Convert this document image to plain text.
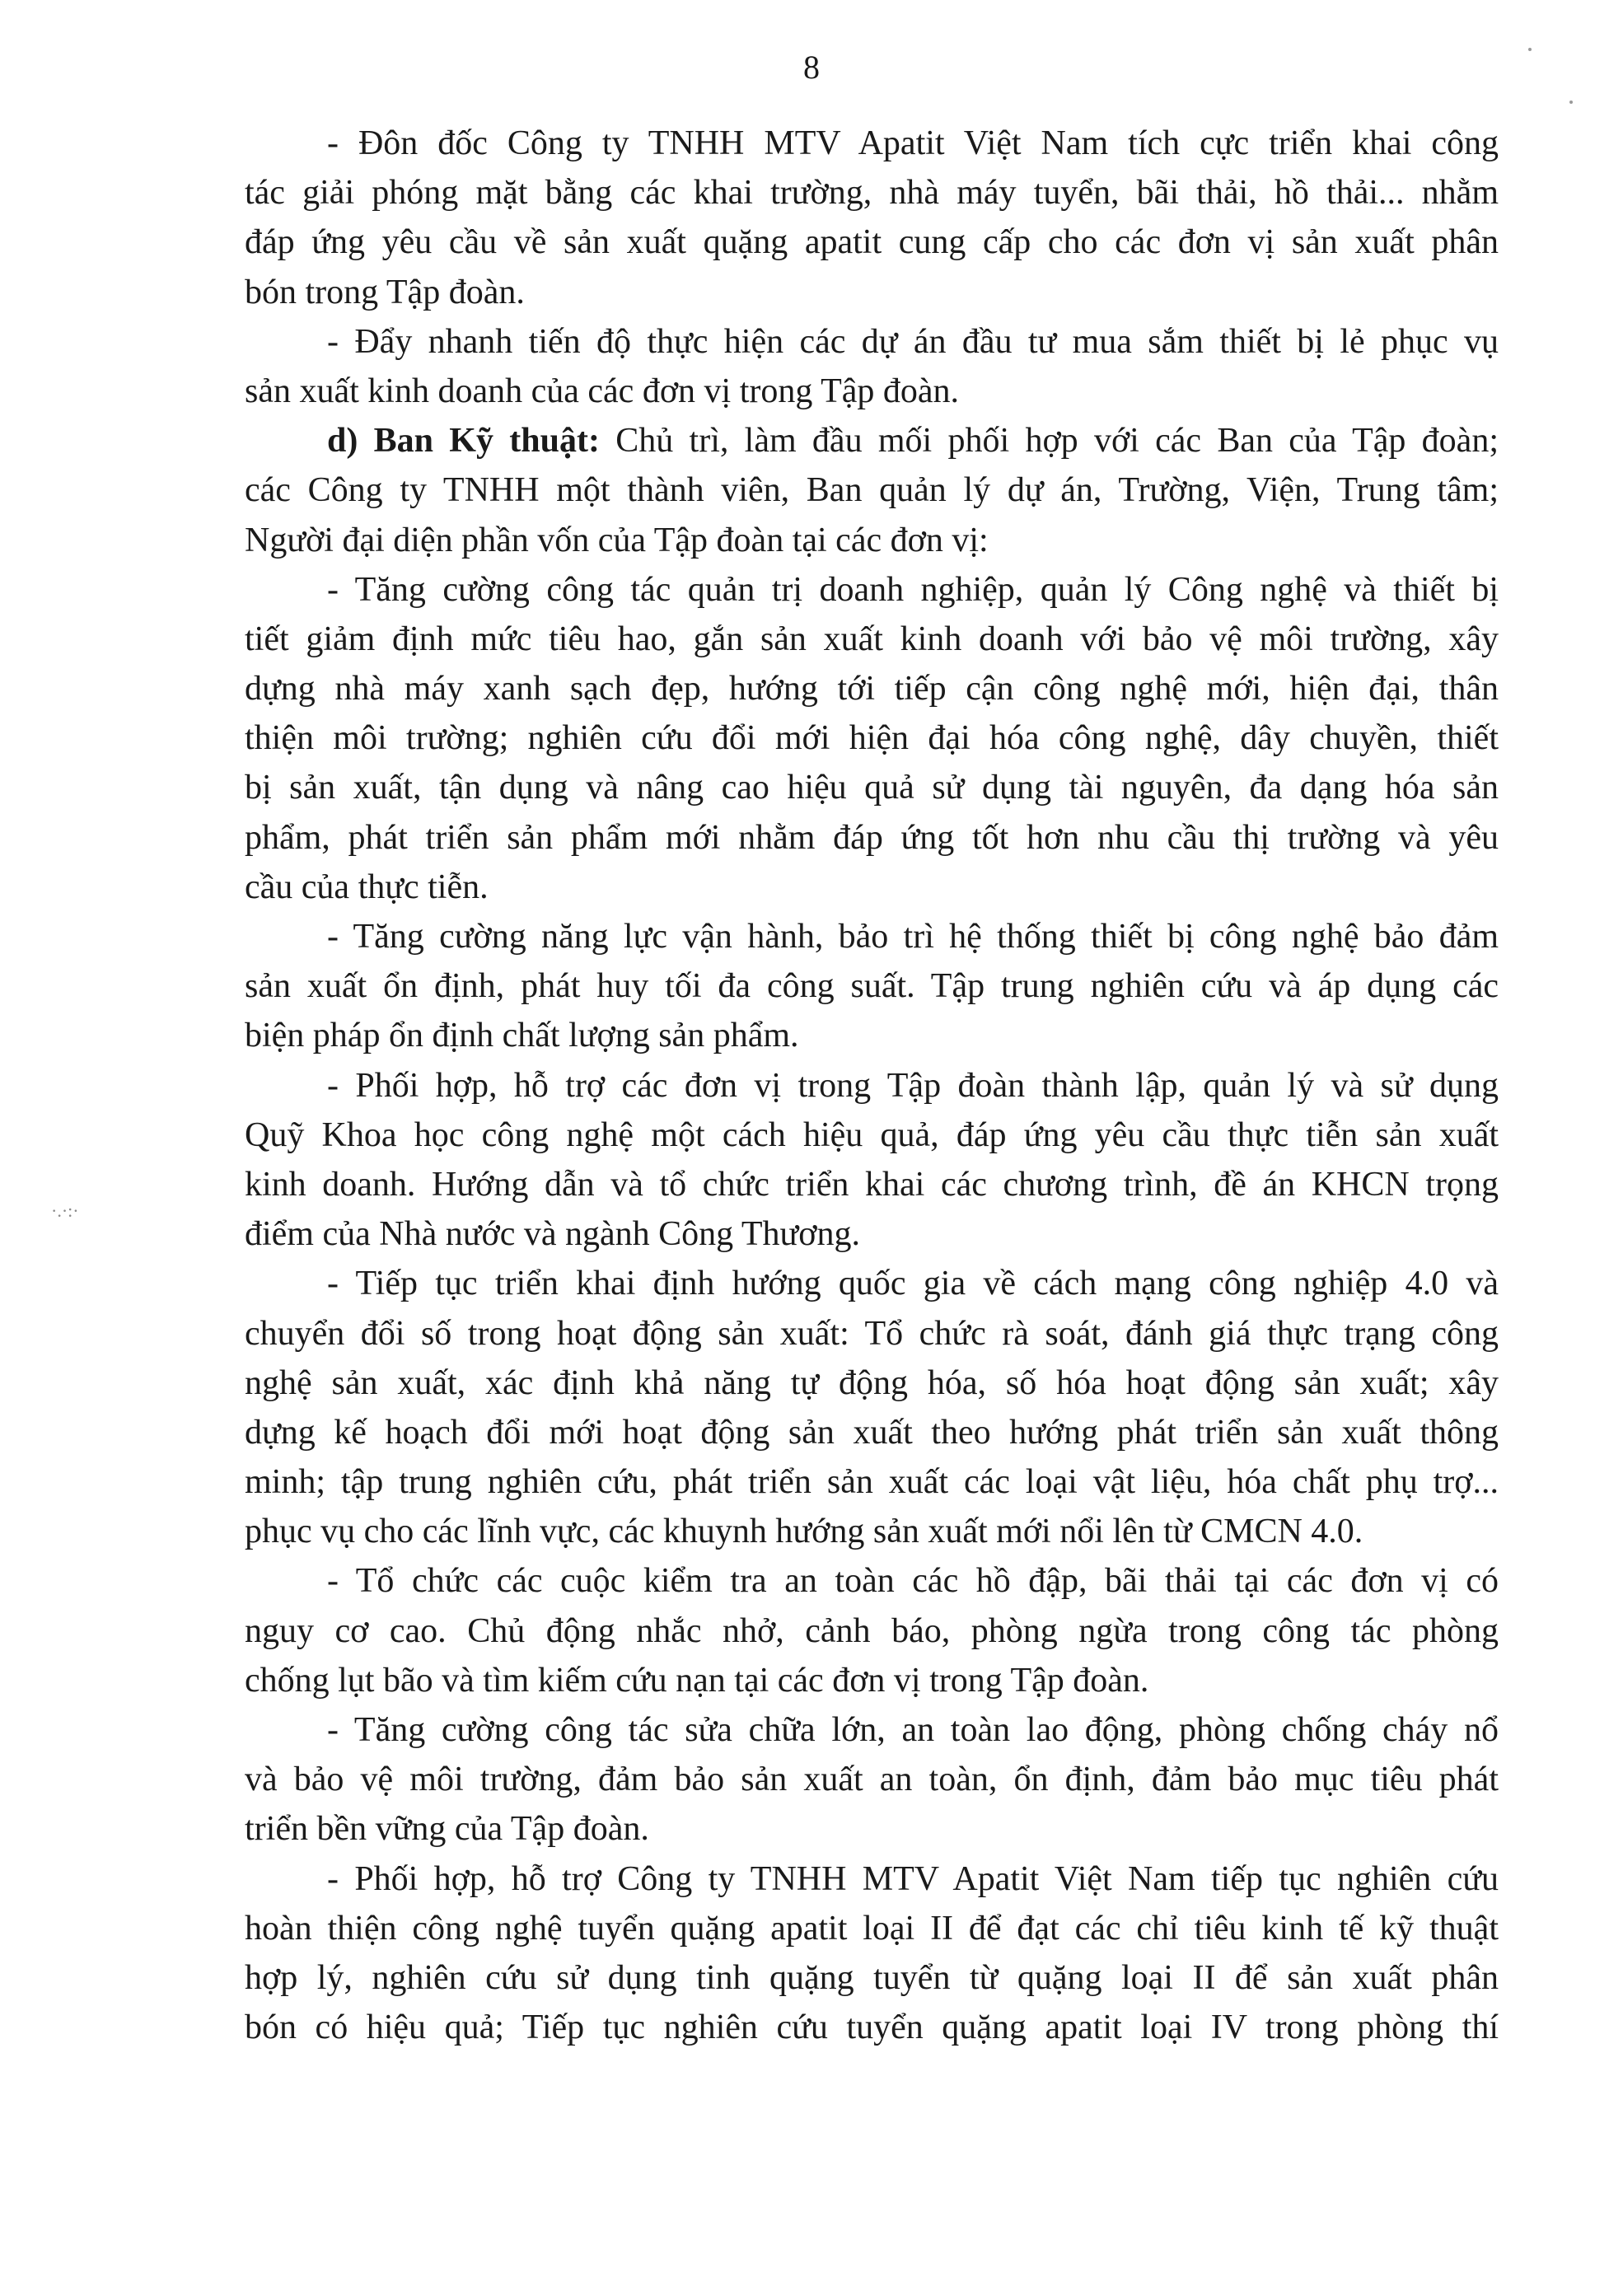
8
·.·:·
- Đôn đốc Công ty TNHH MTV Apatit Việt Nam tích cực triển khai công
tác giải phóng mặt bằng các khai trường, nhà máy tuyển, bãi thải, hồ thải... nhằm
đáp ứng yêu cầu về sản xuất quặng apatit cung cấp cho các đơn vị sản xuất phân
bón trong Tập đoàn.
- Đẩy nhanh tiến độ thực hiện các dự án đầu tư mua sắm thiết bị lẻ phục vụ
sản xuất kinh doanh của các đơn vị trong Tập đoàn.
d) Ban Kỹ thuật: Chủ trì, làm đầu mối phối hợp với các Ban của Tập đoàn;
các Công ty TNHH một thành viên, Ban quản lý dự án, Trường, Viện, Trung tâm;
Người đại diện phần vốn của Tập đoàn tại các đơn vị:
- Tăng cường công tác quản trị doanh nghiệp, quản lý Công nghệ và thiết bị
tiết giảm định mức tiêu hao, gắn sản xuất kinh doanh với bảo vệ môi trường, xây
dựng nhà máy xanh sạch đẹp, hướng tới tiếp cận công nghệ mới, hiện đại, thân
thiện môi trường; nghiên cứu đổi mới hiện đại hóa công nghệ, dây chuyền, thiết
bị sản xuất, tận dụng và nâng cao hiệu quả sử dụng tài nguyên, đa dạng hóa sản
phẩm, phát triển sản phẩm mới nhằm đáp ứng tốt hơn nhu cầu thị trường và yêu
cầu của thực tiễn.
- Tăng cường năng lực vận hành, bảo trì hệ thống thiết bị công nghệ bảo đảm
sản xuất ổn định, phát huy tối đa công suất. Tập trung nghiên cứu và áp dụng các
biện pháp ổn định chất lượng sản phẩm.
- Phối hợp, hỗ trợ các đơn vị trong Tập đoàn thành lập, quản lý và sử dụng
Quỹ Khoa học công nghệ một cách hiệu quả, đáp ứng yêu cầu thực tiễn sản xuất
kinh doanh. Hướng dẫn và tổ chức triển khai các chương trình, đề án KHCN trọng
điểm của Nhà nước và ngành Công Thương.
- Tiếp tục triển khai định hướng quốc gia về cách mạng công nghiệp 4.0 và
chuyển đổi số trong hoạt động sản xuất: Tổ chức rà soát, đánh giá thực trạng công
nghệ sản xuất, xác định khả năng tự động hóa, số hóa hoạt động sản xuất; xây
dựng kế hoạch đổi mới hoạt động sản xuất theo hướng phát triển sản xuất thông
minh; tập trung nghiên cứu, phát triển sản xuất các loại vật liệu, hóa chất phụ trợ...
phục vụ cho các lĩnh vực, các khuynh hướng sản xuất mới nổi lên từ CMCN 4.0.
- Tổ chức các cuộc kiểm tra an toàn các hồ đập, bãi thải tại các đơn vị có
nguy cơ cao. Chủ động nhắc nhở, cảnh báo, phòng ngừa trong công tác phòng
chống lụt bão và tìm kiếm cứu nạn tại các đơn vị trong Tập đoàn.
- Tăng cường công tác sửa chữa lớn, an toàn lao động, phòng chống cháy nổ
và bảo vệ môi trường, đảm bảo sản xuất an toàn, ổn định, đảm bảo mục tiêu phát
triển bền vững của Tập đoàn.
- Phối hợp, hỗ trợ Công ty TNHH MTV Apatit Việt Nam tiếp tục nghiên cứu
hoàn thiện công nghệ tuyển quặng apatit loại II để đạt các chỉ tiêu kinh tế kỹ thuật
hợp lý, nghiên cứu sử dụng tinh quặng tuyển từ quặng loại II để sản xuất phân
bón có hiệu quả; Tiếp tục nghiên cứu tuyển quặng apatit loại IV trong phòng thí
